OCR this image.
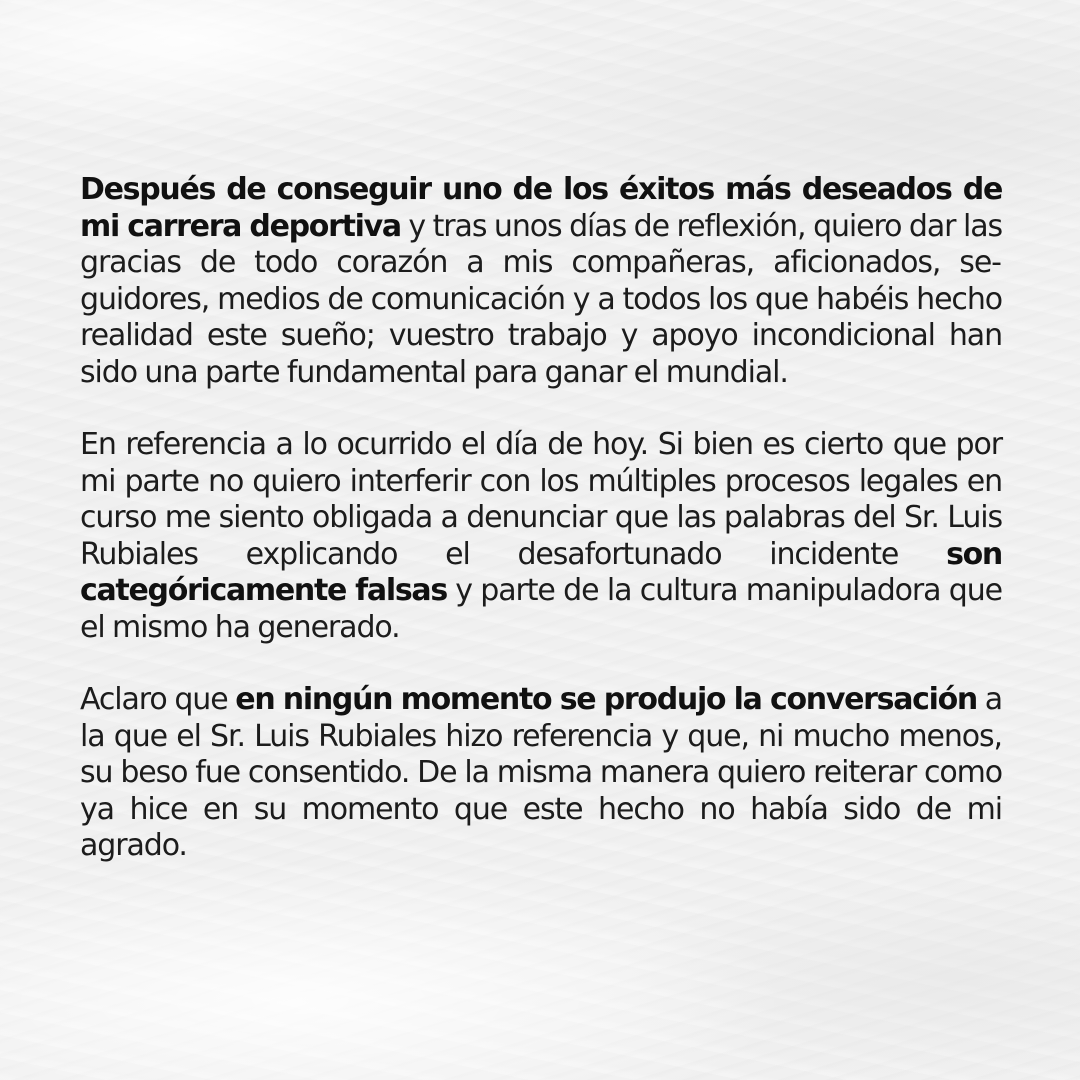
Después de conseguir uno de los éxitos más deseados de mi carrera deportiva y tras unos días de reflexión, quiero dar las gracias de todo corazón a mis compañeras, aficionados, seguidores, medios de comunicación y a todos los que habéis hecho realidad este sueño; vuestro trabajo y apoyo incondicional han sido una parte fundamental para ganar el mundial.

En referencia a lo ocurrido el día de hoy. Si bien es cierto que por mi parte no quiero interferir con los múltiples procesos legales en curso me siento obligada a denunciar que las palabras del Sr. Luis Rubiales explicando el desafortunado incidente son categóricamente falsas y parte de la cultura manipuladora que el mismo ha generado.

Aclaro que en ningún momento se produjo la conversación a la que el Sr. Luis Rubiales hizo referencia y que, ni mucho menos, su beso fue consentido. De la misma manera quiero reiterar como ya hice en su momento que este hecho no había sido de mi agrado.
